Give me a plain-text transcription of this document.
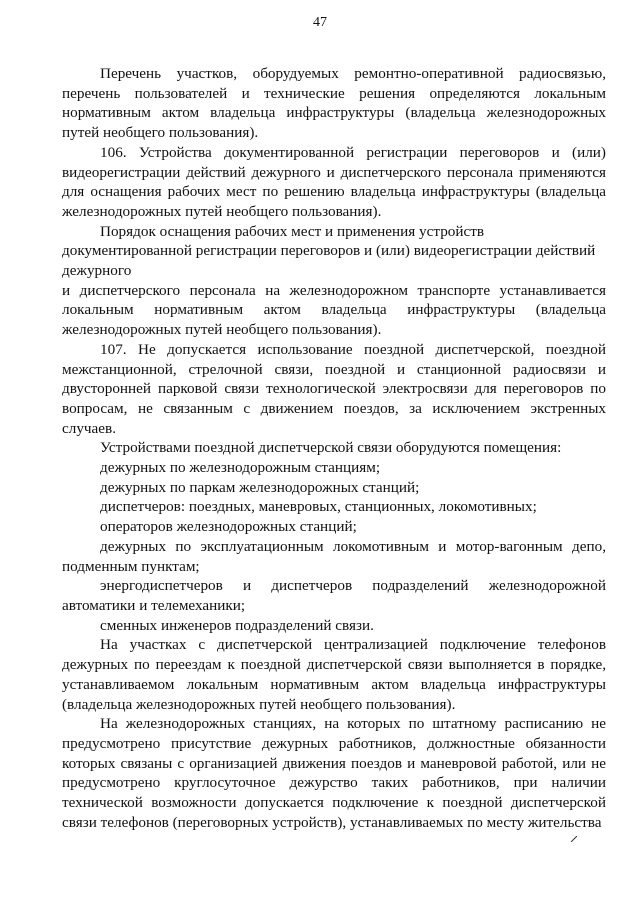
47

Перечень участков, оборудуемых ремонтно-оперативной радиосвязью, перечень пользователей и технические решения определяются локальным нормативным актом владельца инфраструктуры (владельца железнодорожных путей необщего пользования).

106. Устройства документированной регистрации переговоров и (или) видеорегистрации действий дежурного и диспетчерского персонала применяются для оснащения рабочих мест по решению владельца инфраструктуры (владельца железнодорожных путей необщего пользования).

Порядок оснащения рабочих мест и применения устройств документированной регистрации переговоров и (или) видеорегистрации действий дежурного

и диспетчерского персонала на железнодорожном транспорте устанавливается локальным нормативным актом владельца инфраструктуры (владельца железнодорожных путей необщего пользования).

107. Не допускается использование поездной диспетчерской, поездной межстанционной, стрелочной связи, поездной и станционной радиосвязи и двусторонней парковой связи технологической электросвязи для переговоров по вопросам, не связанным с движением поездов, за исключением экстренных случаев.

Устройствами поездной диспетчерской связи оборудуются помещения:

дежурных по железнодорожным станциям;

дежурных по паркам железнодорожных станций;

диспетчеров: поездных, маневровых, станционных, локомотивных;

операторов железнодорожных станций;

дежурных по эксплуатационным локомотивным и мотор-вагонным депо, подменным пунктам;

энергодиспетчеров и диспетчеров подразделений железнодорожной автоматики и телемеханики;

сменных инженеров подразделений связи.

На участках с диспетчерской централизацией подключение телефонов дежурных по переездам к поездной диспетчерской связи выполняется в порядке, устанавливаемом локальным нормативным актом владельца инфраструктуры (владельца железнодорожных путей необщего пользования).

На железнодорожных станциях, на которых по штатному расписанию не предусмотрено присутствие дежурных работников, должностные обязанности которых связаны с организацией движения поездов и маневровой работой, или не предусмотрено круглосуточное дежурство таких работников, при наличии технической возможности допускается подключение к поездной диспетчерской связи телефонов (переговорных устройств), устанавливаемых по месту жительства
